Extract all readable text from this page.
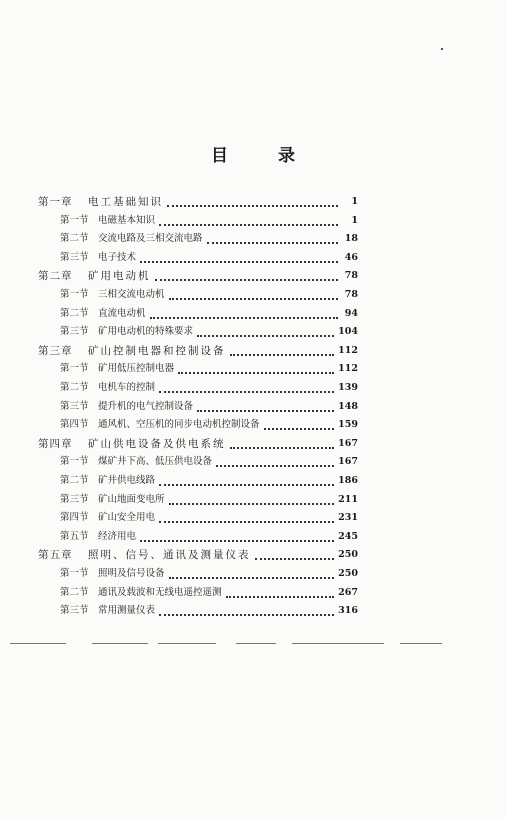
目 录
第一章	电工基础知识	1
第一节 电磁基本知识	1
第二节 交流电路及三相交流电路	18
第三节 电子技术	46
第二章	矿用电动机	78
第一节 三相交流电动机	78
第二节 直流电动机	94
第三节 矿用电动机的特殊要求	104
第三章	矿山控制电器和控制设备	112
第一节 矿用低压控制电器	112
第二节 电机车的控制	139
第三节 提升机的电气控制设备	148
第四节 通风机、空压机的同步电动机控制设备	159
第四章	矿山供电设备及供电系统	167
第一节 煤矿井下高、低压供电设备	167
第二节 矿井供电线路	186
第三节 矿山地面变电所	211
第四节 矿山安全用电	231
第五节 经济用电	245
第五章	照明、信号、通讯及测量仪表	250
第一节 照明及信号设备	250
第二节 通讯及载波和无线电遥控遥测	267
第三节 常用测量仪表	316
